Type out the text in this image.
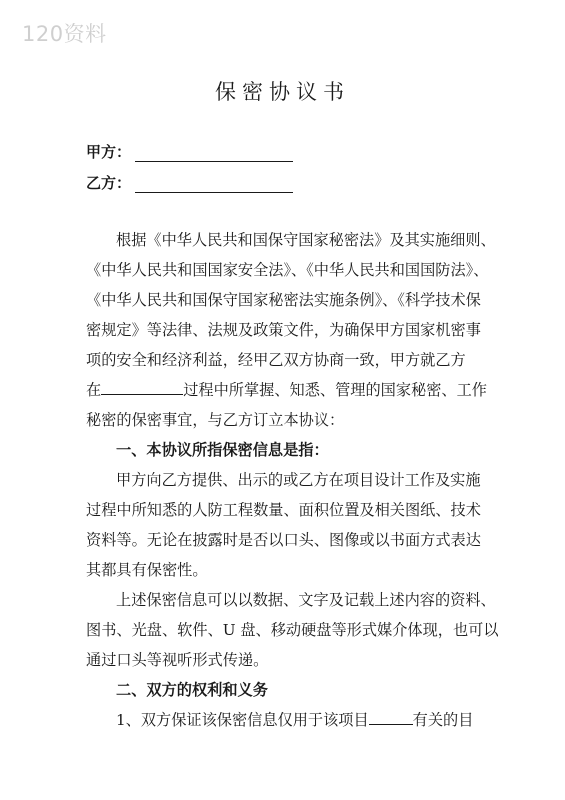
120资料
保密协议书
甲方：
乙方：
根据《中华人民共和国保守国家秘密法》及其实施细则、
《中华人民共和国国家安全法》、《中华人民共和国国防法》、
《中华人民共和国保守国家秘密法实施条例》、《科学技术保
密规定》等法律、法规及政策文件，为确保甲方国家机密事
项的安全和经济利益，经甲乙双方协商一致，甲方就乙方
在	过程中所掌握、知悉、管理的国家秘密、工作
秘密的保密事宜，与乙方订立本协议：
一、本协议所指保密信息是指：
甲方向乙方提供、出示的或乙方在项目设计工作及实施
过程中所知悉的人防工程数量、面积位置及相关图纸、技术
资料等。无论在披露时是否以口头、图像或以书面方式表达
其都具有保密性。
上述保密信息可以以数据、文字及记载上述内容的资料、
图书、光盘、软件、U 盘、移动硬盘等形式媒介体现，也可以
通过口头等视听形式传递。
二、双方的权利和义务
1、双方保证该保密信息仅用于该项目	有关的目
